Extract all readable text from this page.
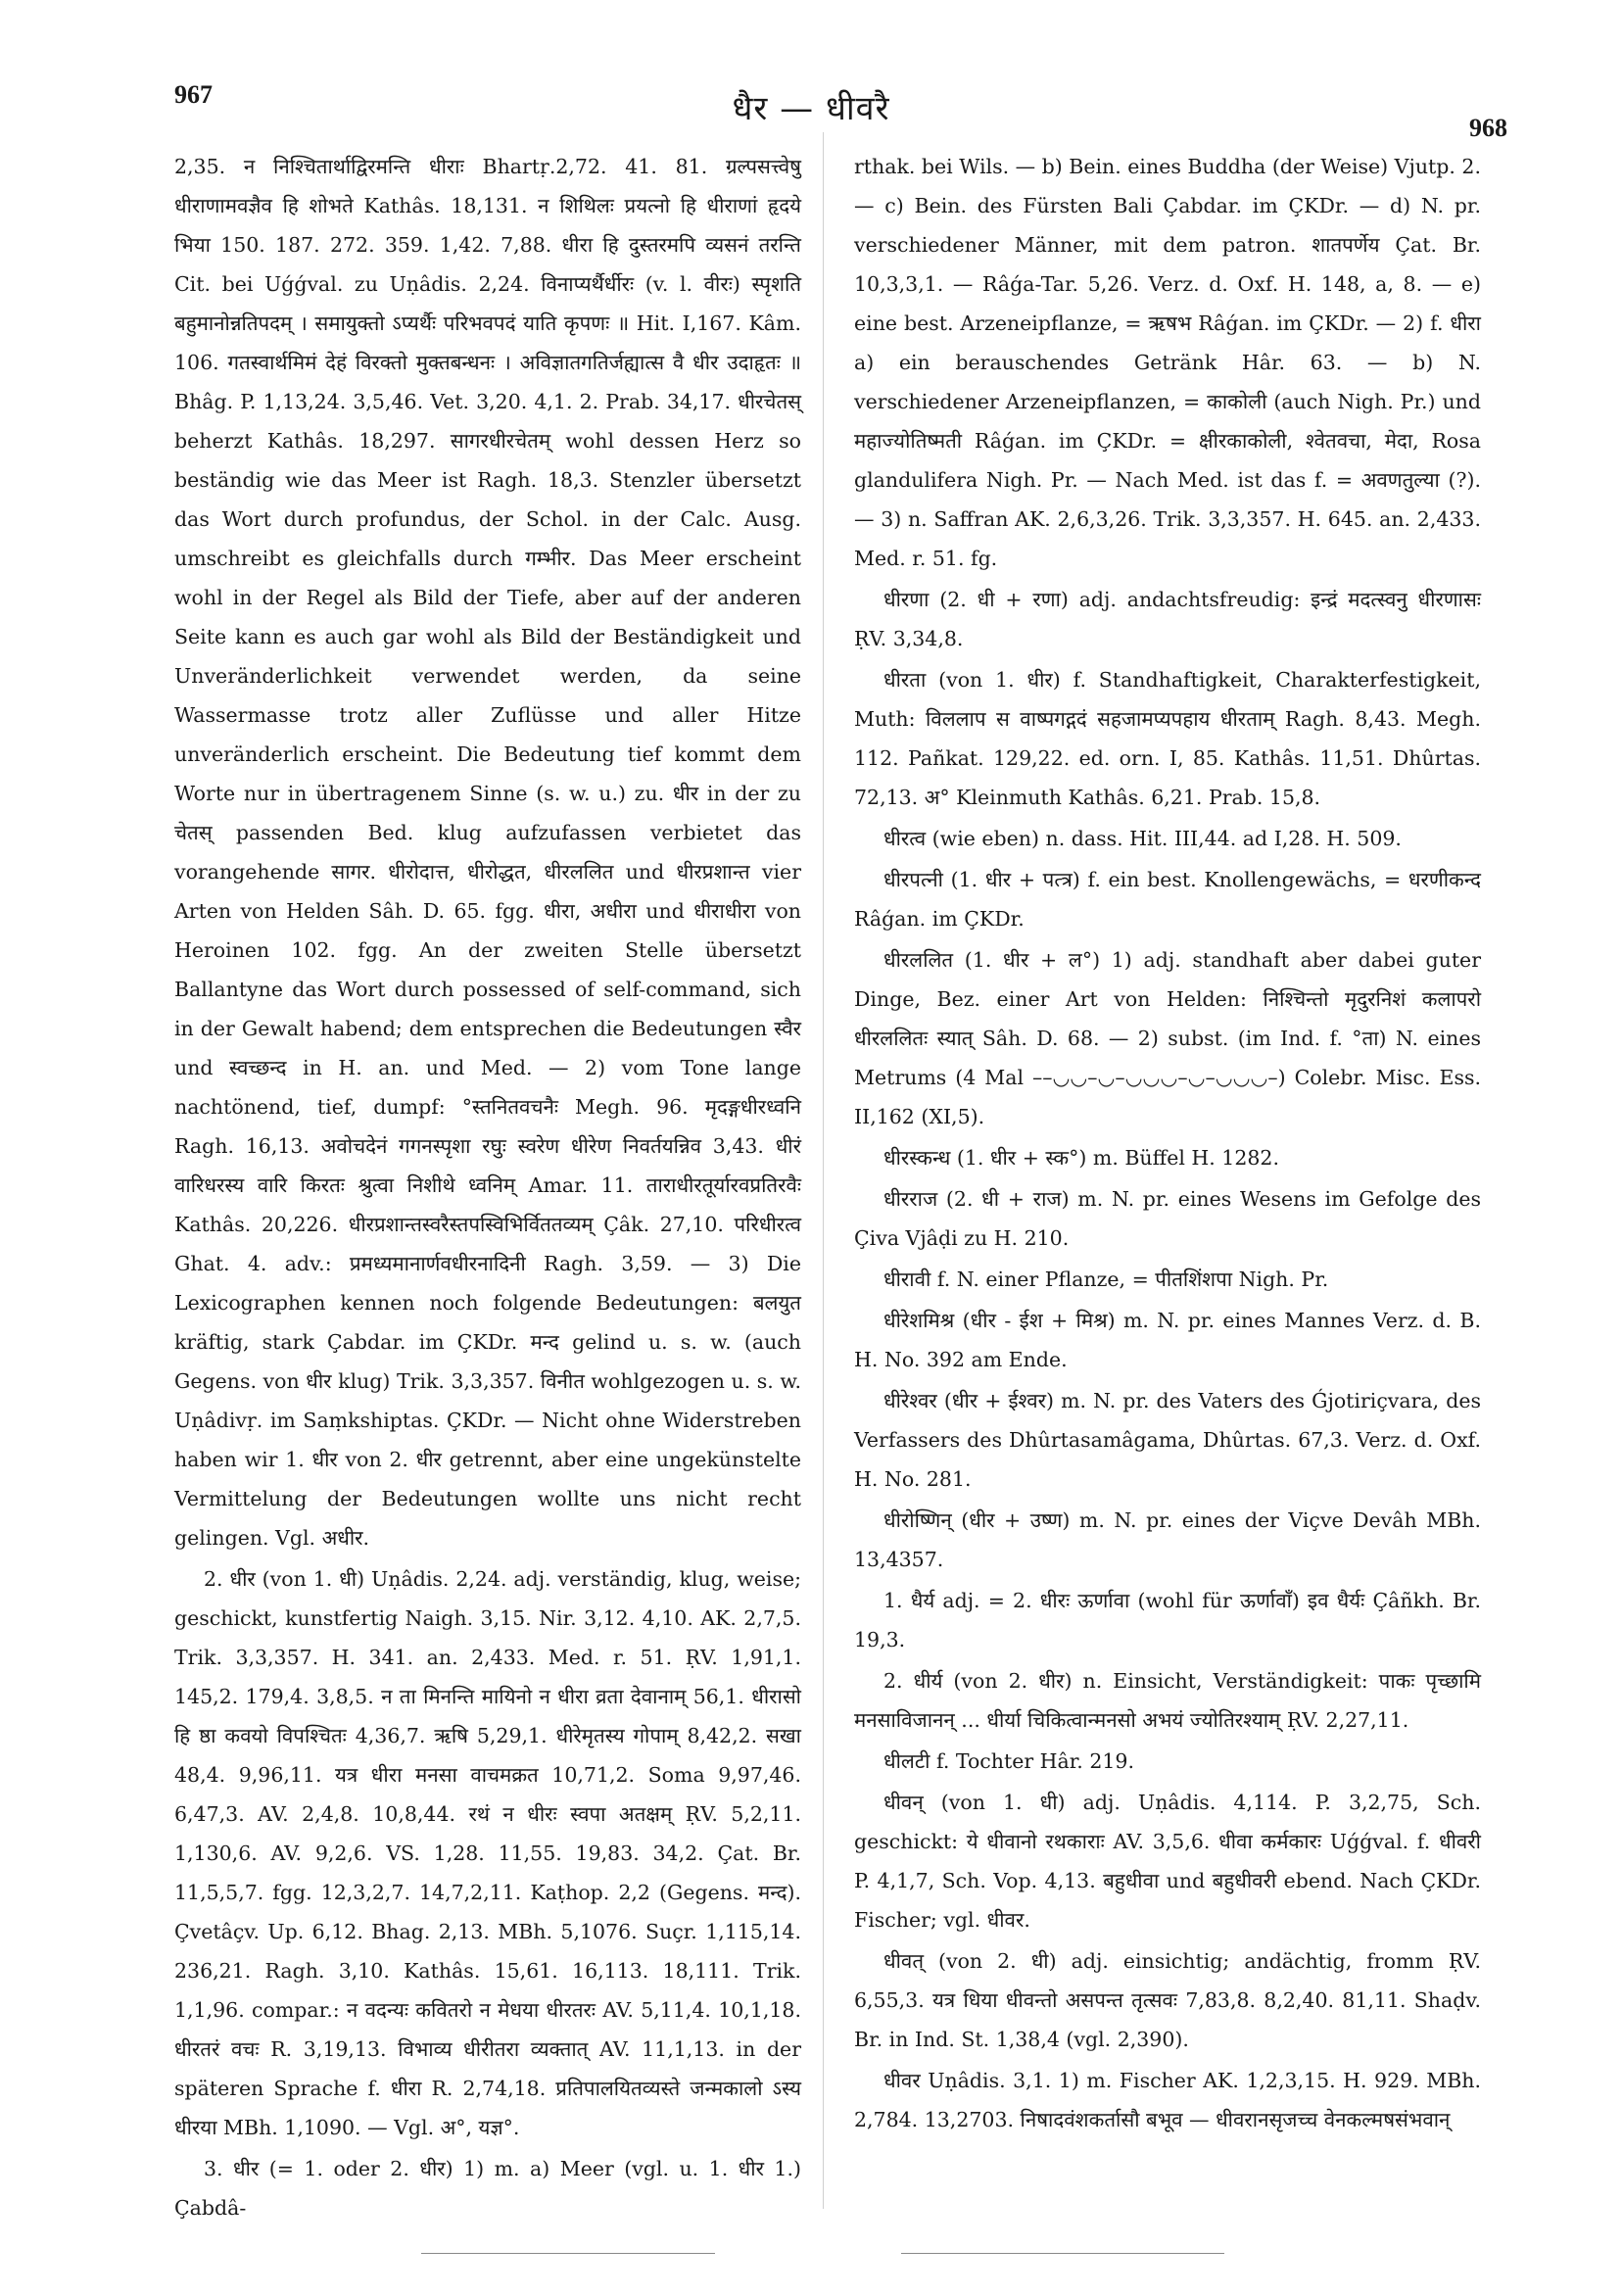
967	धैर — धीवरै	968

2,35. न निश्चितार्थाद्विरमन्ति धीराः Bhartṛ.2,72. 41. 81. ग्रल्पसत्त्वेषु धीराणामवज्ञैव हि शोभते Kathâs. 18,131. न शिथिलः प्रयत्नो हि धीराणां हृदये भिया 150. 187. 272. 359. 1,42. 7,88. धीरा हि दुस्तरमपि व्यसनं तरन्ति Cit. bei Uǵǵval. zu Uṇâdis. 2,24. विनाप्यर्थैर्धीरः (v. l. वीरः) स्पृशति बहुमानोन्नतिपदम् । समायुक्तो ऽप्यर्थैः परिभवपदं याति कृपणः ॥ Hit. I,167. Kâm. 106. गतस्वार्थमिमं देहं विरक्तो मुक्तबन्धनः । अविज्ञातगतिर्जह्यात्स वै धीर उदाहृतः ॥ Bhâg. P. 1,13,24. 3,5,46. Vet. 3,20. 4,1. 2. Prab. 34,17. धीरचेतस् beherzt Kathâs. 18,297. सागरधीरचेतम् wohl dessen Herz so beständig wie das Meer ist Ragh. 18,3. Stenzler übersetzt das Wort durch profundus, der Schol. in der Calc. Ausg. umschreibt es gleichfalls durch गम्भीर. Das Meer erscheint wohl in der Regel als Bild der Tiefe, aber auf der anderen Seite kann es auch gar wohl als Bild der Beständigkeit und Unveränderlichkeit verwendet werden, da seine Wassermasse trotz aller Zuflüsse und aller Hitze unveränderlich erscheint. Die Bedeutung tief kommt dem Worte nur in übertragenem Sinne (s. w. u.) zu. धीर in der zu चेतस् passenden Bed. klug aufzufassen verbietet das vorangehende सागर. धीरोदात्त, धीरोद्धत, धीरललित und धीरप्रशान्त vier Arten von Helden Sâh. D. 65. fgg. धीरा, अधीरा und धीराधीरा von Heroinen 102. fgg. An der zweiten Stelle übersetzt Ballantyne das Wort durch possessed of self-command, sich in der Gewalt habend; dem entsprechen die Bedeutungen स्वैर und स्वच्छन्द in H. an. und Med. — 2) vom Tone lange nachtönend, tief, dumpf: °स्तनितवचनैः Megh. 96. मृदङ्गधीरध्वनि Ragh. 16,13. अवोचदेनं गगनस्पृशा रघुः स्वरेण धीरेण निवर्तयन्निव 3,43. धीरं वारिधरस्य वारि किरतः श्रुत्वा निशीथे ध्वनिम् Amar. 11. ताराधीरतूर्यारवप्रतिरवैः Kathâs. 20,226. धीरप्रशान्तस्वरैस्तपस्विभिर्विततव्यम् Çâk. 27,10. परिधीरत्व Ghat. 4. adv.: प्रमध्यमानार्णवधीरनादिनी Ragh. 3,59. — 3) Die Lexicographen kennen noch folgende Bedeutungen: बलयुत kräftig, stark Çabdar. im ÇKDr. मन्द gelind u. s. w. (auch Gegens. von धीर klug) Trik. 3,3,357. विनीत wohlgezogen u. s. w. Uṇâdivṛ. im Saṃkshiptas. ÇKDr. — Nicht ohne Widerstreben haben wir 1. धीर von 2. धीर getrennt, aber eine ungekünstelte Vermittelung der Bedeutungen wollte uns nicht recht gelingen. Vgl. अधीर.

2. धीर (von 1. धी) Uṇâdis. 2,24. adj. verständig, klug, weise; geschickt, kunstfertig Naigh. 3,15. Nir. 3,12. 4,10. AK. 2,7,5. Trik. 3,3,357. H. 341. an. 2,433. Med. r. 51. ṚV. 1,91,1. 145,2. 179,4. 3,8,5. न ता मिनन्ति मायिनो न धीरा व्रता देवानाम् 56,1. धीरासो हि ष्ठा कवयो विपश्चितः 4,36,7. ऋषि 5,29,1. धीरेमृतस्य गोपाम् 8,42,2. सखा 48,4. 9,96,11. यत्र धीरा मनसा वाचमक्रत 10,71,2. Soma 9,97,46. 6,47,3. AV. 2,4,8. 10,8,44. रथं न धीरः स्वपा अतक्षम् ṚV. 5,2,11. 1,130,6. AV. 9,2,6. VS. 1,28. 11,55. 19,83. 34,2. Çat. Br. 11,5,5,7. fgg. 12,3,2,7. 14,7,2,11. Kaṭhop. 2,2 (Gegens. मन्द). Çvetâçv. Up. 6,12. Bhag. 2,13. MBh. 5,1076. Suçr. 1,115,14. 236,21. Ragh. 3,10. Kathâs. 15,61. 16,113. 18,111. Trik. 1,1,96. compar.: न वदन्यः कवितरो न मेधया धीरतरः AV. 5,11,4. 10,1,18. धीरतरं वचः R. 3,19,13. विभाव्य धीरीतरा व्यक्तात् AV. 11,1,13. in der späteren Sprache f. धीरा R. 2,74,18. प्रतिपालयितव्यस्ते जन्मकालो ऽस्य धीरया MBh. 1,1090. — Vgl. अ°, यज्ञ°.

3. धीर (= 1. oder 2. धीर) 1) m. a) Meer (vgl. u. 1. धीर 1.) Çabdâ-

rthak. bei Wils. — b) Bein. eines Buddha (der Weise) Vjutp. 2. — c) Bein. des Fürsten Bali Çabdar. im ÇKDr. — d) N. pr. verschiedener Männer, mit dem patron. शातपर्णेय Çat. Br. 10,3,3,1. — Râǵa-Tar. 5,26. Verz. d. Oxf. H. 148, a, 8. — e) eine best. Arzeneipflanze, = ऋषभ Râǵan. im ÇKDr. — 2) f. धीरा a) ein berauschendes Getränk Hâr. 63. — b) N. verschiedener Arzeneipflanzen, = काकोली (auch Nigh. Pr.) und महाज्योतिष्मती Râǵan. im ÇKDr. = क्षीरकाकोली, श्वेतवचा, मेदा, Rosa glandulifera Nigh. Pr. — Nach Med. ist das f. = अवणतुल्या (?). — 3) n. Saffran AK. 2,6,3,26. Trik. 3,3,357. H. 645. an. 2,433. Med. r. 51. fg.

धीरणा (2. धी + रणा) adj. andachtsfreudig: इन्द्रं मदत्स्वनु धीरणासः ṚV. 3,34,8.

धीरता (von 1. धीर) f. Standhaftigkeit, Charakterfestigkeit, Muth: विललाप स वाष्पगद्गदं सहजामप्यपहाय धीरताम् Ragh. 8,43. Megh. 112. Pañkat. 129,22. ed. orn. I, 85. Kathâs. 11,51. Dhûrtas. 72,13. अ° Kleinmuth Kathâs. 6,21. Prab. 15,8.

धीरत्व (wie eben) n. dass. Hit. III,44. ad I,28. H. 509.

धीरपत्नी (1. धीर + पत्त्र) f. ein best. Knollengewächs, = धरणीकन्द Râǵan. im ÇKDr.

धीरललित (1. धीर + ल°) 1) adj. standhaft aber dabei guter Dinge, Bez. einer Art von Helden: निश्चिन्तो मृदुरनिशं कलापरो धीरललितः स्यात् Sâh. D. 68. — 2) subst. (im Ind. f. °ता) N. eines Metrums (4 Mal ––◡◡–◡–◡◡◡–◡–◡◡◡–) Colebr. Misc. Ess. II,162 (XI,5).

धीरस्कन्ध (1. धीर + स्क°) m. Büffel H. 1282.

धीरराज (2. धी + राज) m. N. pr. eines Wesens im Gefolge des Çiva Vjâḍi zu H. 210.

धीरावी f. N. einer Pflanze, = पीतशिंशपा Nigh. Pr.

धीरेशमिश्र (धीर - ईश + मिश्र) m. N. pr. eines Mannes Verz. d. B. H. No. 392 am Ende.

धीरेश्वर (धीर + ईश्वर) m. N. pr. des Vaters des Ǵjotiriçvara, des Verfassers des Dhûrtasamâgama, Dhûrtas. 67,3. Verz. d. Oxf. H. No. 281.

धीरोष्णिन् (धीर + उष्ण) m. N. pr. eines der Viçve Devâh MBh. 13,4357.

1. धैर्य adj. = 2. धीरः ऊर्णावा (wohl für ऊर्णावाँ) इव धैर्यः Çâñkh. Br. 19,3.

2. धीर्य (von 2. धीर) n. Einsicht, Verständigkeit: पाकः पृच्छामि मनसाविजानन् ... धीर्या चिकित्वान्मनसो अभयं ज्योतिरश्याम् ṚV. 2,27,11.

धीलटी f. Tochter Hâr. 219.

धीवन् (von 1. धी) adj. Uṇâdis. 4,114. P. 3,2,75, Sch. geschickt: ये धीवानो रथकाराः AV. 3,5,6. धीवा कर्मकारः Uǵǵval. f. धीवरी P. 4,1,7, Sch. Vop. 4,13. बहुधीवा und बहुधीवरी ebend. Nach ÇKDr. Fischer; vgl. धीवर.

धीवत् (von 2. धी) adj. einsichtig; andächtig, fromm ṚV. 6,55,3. यत्र धिया धीवन्तो असपन्त तृत्सवः 7,83,8. 8,2,40. 81,11. Shaḍv. Br. in Ind. St. 1,38,4 (vgl. 2,390).

धीवर Uṇâdis. 3,1. 1) m. Fischer AK. 1,2,3,15. H. 929. MBh. 2,784. 13,2703. निषादवंशकर्तासौ बभूव — धीवरानसृजच्च वेनकल्मषसंभवान्
